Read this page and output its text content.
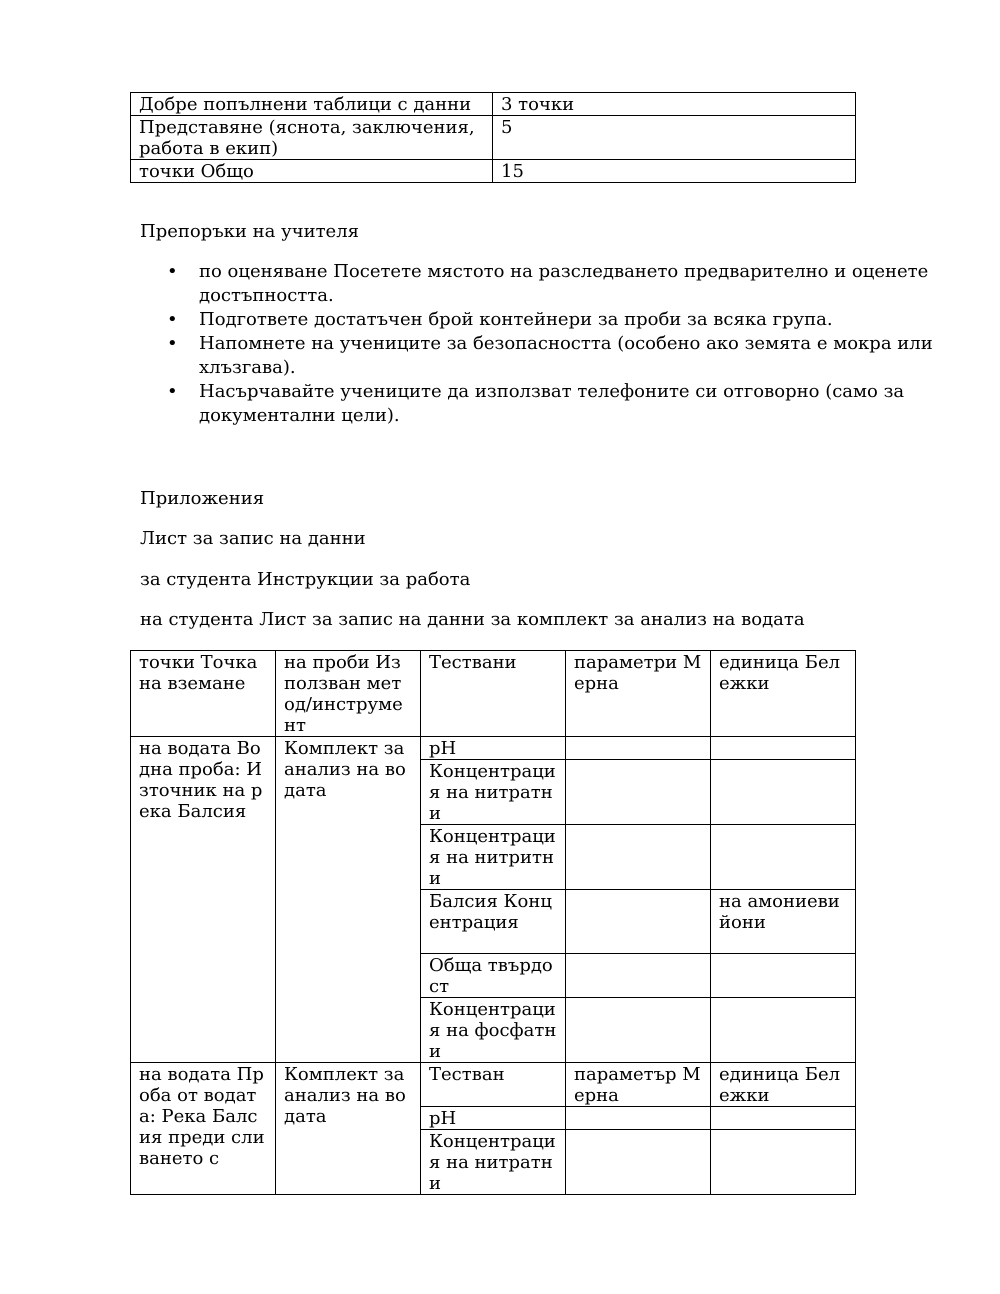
Добре попълнени таблици с данни	3 точки
Представяне (яснота, заключения, работа в екип)	5
точки Общо	15

Препоръки на учителя

• по оценяване Посетете мястото на разследването предварително и оценете достъпността.
• Подгответе достатъчен брой контейнери за проби за всяка група.
• Напомнете на учениците за безопасността (особено ако земята е мокра или хлъзгава).
• Насърчавайте учениците да използват телефоните си отговорно (само за документални цели).

Приложения

Лист за запис на данни

за студента Инструкции за работа

на студента Лист за запис на данни за комплект за анализ на водата

точки Точка на вземане	на проби Използван метод/инструмент	Тествани	параметри Мерна	единица Бележки
на водата Водна проба: Източник на река Балсия	Комплект за анализ на водата	pH		
		Концентрация на нитратни		
		Концентрация на нитритни		
		Балсия Концентрация		на амониеви йони
		Обща твърдост		
		Концентрация на фосфатни		
на водата Проба от водата: Река Балсия преди сливането с	Комплект за анализ на водата	Тестван	параметър Мерна	единица Бележки
		pH		
		Концентрация на нитратни		
